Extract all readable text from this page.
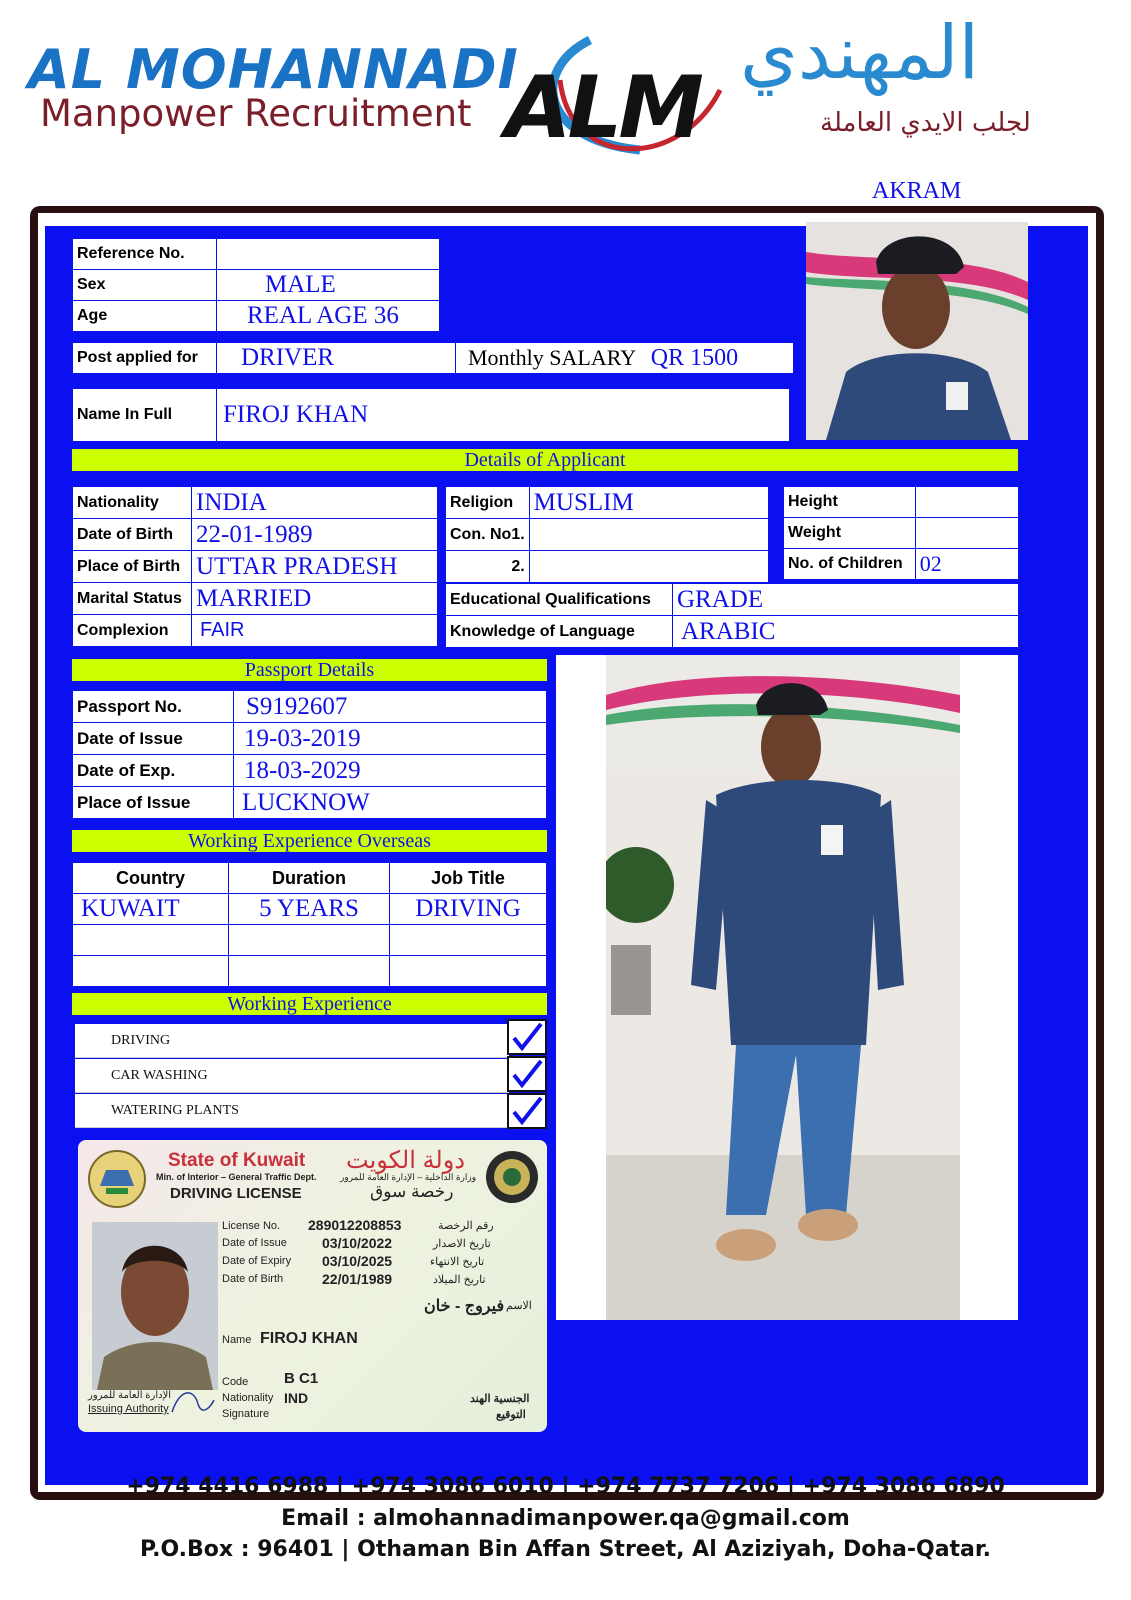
AL MOHANNADI
Manpower Recruitment ALM
المهندي
لجلب الايدي العاملة
AKRAM
Reference No.	
Sex	MALE
Age	REAL AGE 36
Post applied for	DRIVER	Monthly SALARY QR 1500
Name In Full	FIROJ KHAN
Details of Applicant
Nationality	INDIA
Date of Birth	22-01-1989
Place of Birth	UTTAR PRADESH
Marital Status	MARRIED
Complexion	FAIR
Religion	MUSLIM
Con. No1.	
2.	
Height	
Weight	
No. of Children	02
Educational Qualifications	GRADE
Knowledge of Language	ARABIC
Passport Details
Passport No.	S9192607
Date of Issue	19-03-2019
Date of Exp.	18-03-2029
Place of Issue	LUCKNOW
Working Experience Overseas
Country	Duration	Job Title
KUWAIT	5 YEARS	DRIVING

Working Experience
DRIVING
CAR WASHING
WATERING PLANTS
State of Kuwait دولة الكويت
Min. of Interior – General Traffic Dept.	وزارة الداخلية – الإدارة العامة للمرور
DRIVING LICENSE	رخصة سوق
License No. 289012208853	رقم الرخصة
Date of Issue	03/10/2022	تاريخ الاصدار
Date of Expiry 03/10/2025	تاريخ الانتهاء
Date of Birth	22/01/1989	تاريخ الميلاد
فيروج - خان الاسم
Name FIROJ KHAN
Code B C1
Nationality IND
Signature
الجنسية الهند
التوقيع
الإدارة العامة للمرور
Issuing Authority
+974 4416 6988 | +974 3086 6010 | +974 7737 7206 | +974 3086 6890
Email : almohannadimanpower.qa@gmail.com
P.O.Box : 96401 | Othaman Bin Affan Street, Al Aziziyah, Doha-Qatar.
